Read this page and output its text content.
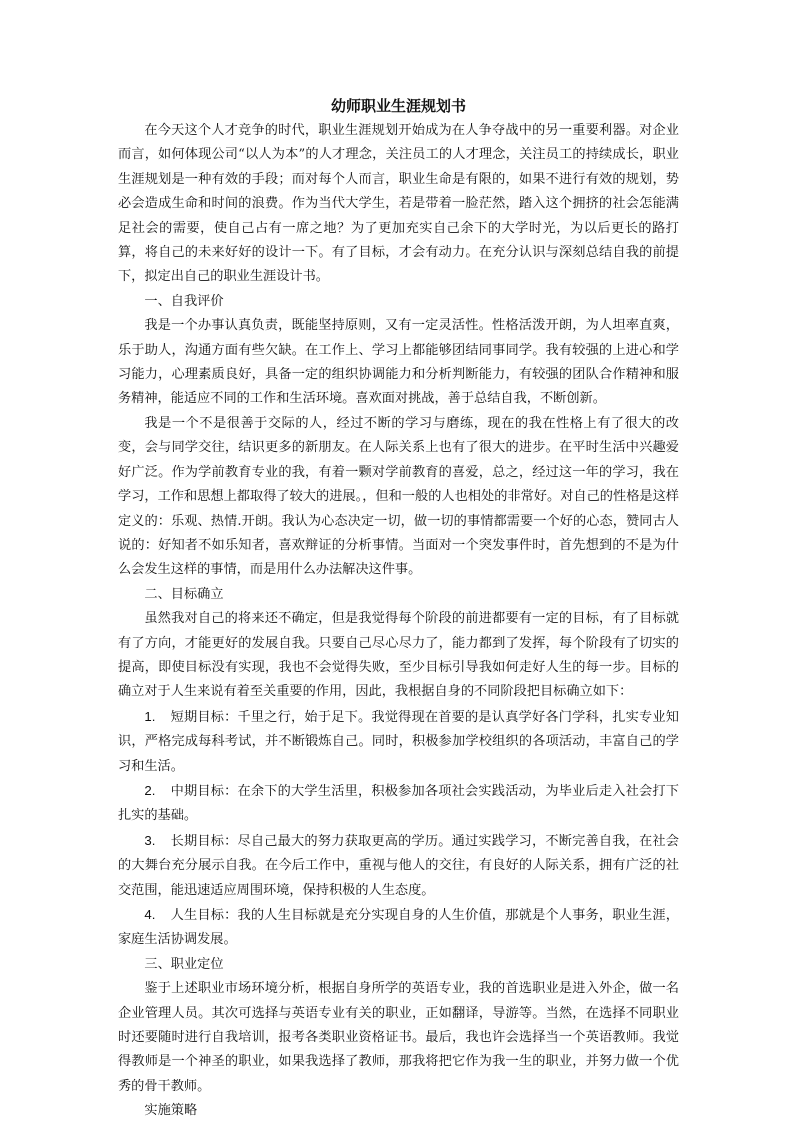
幼师职业生涯规划书

在今天这个人才竞争的时代，职业生涯规划开始成为在人争夺战中的另一重要利器。对企业而言，如何体现公司“以人为本”的人才理念，关注员工的人才理念，关注员工的持续成长，职业生涯规划是一种有效的手段；而对每个人而言，职业生命是有限的，如果不进行有效的规划，势必会造成生命和时间的浪费。作为当代大学生，若是带着一脸茫然，踏入这个拥挤的社会怎能满足社会的需要，使自己占有一席之地？为了更加充实自己余下的大学时光，为以后更长的路打算，将自己的未来好好的设计一下。有了目标，才会有动力。在充分认识与深刻总结自我的前提下，拟定出自己的职业生涯设计书。

一、自我评价

我是一个办事认真负责，既能坚持原则，又有一定灵活性。性格活泼开朗，为人坦率直爽，乐于助人，沟通方面有些欠缺。在工作上、学习上都能够团结同事同学。我有较强的上进心和学习能力，心理素质良好，具备一定的组织协调能力和分析判断能力，有较强的团队合作精神和服务精神，能适应不同的工作和生活环境。喜欢面对挑战，善于总结自我，不断创新。

我是一个不是很善于交际的人，经过不断的学习与磨练，现在的我在性格上有了很大的改变，会与同学交往，结识更多的新朋友。在人际关系上也有了很大的进步。在平时生活中兴趣爱好广泛。作为学前教育专业的我，有着一颗对学前教育的喜爱，总之，经过这一年的学习，我在学习，工作和思想上都取得了较大的进展。，但和一般的人也相处的非常好。对自己的性格是这样定义的：乐观、热情.开朗。我认为心态决定一切，做一切的事情都需要一个好的心态，赞同古人说的：好知者不如乐知者，喜欢辩证的分析事情。当面对一个突发事件时，首先想到的不是为什么会发生这样的事情，而是用什么办法解决这件事。

二、目标确立

虽然我对自己的将来还不确定，但是我觉得每个阶段的前进都要有一定的目标，有了目标就有了方向，才能更好的发展自我。只要自己尽心尽力了，能力都到了发挥，每个阶段有了切实的提高，即使目标没有实现，我也不会觉得失败，至少目标引导我如何走好人生的每一步。目标的确立对于人生来说有着至关重要的作用，因此，我根据自身的不同阶段把目标确立如下：

1. 短期目标：千里之行，始于足下。我觉得现在首要的是认真学好各门学科，扎实专业知识，严格完成每科考试，并不断锻炼自己。同时，积极参加学校组织的各项活动，丰富自己的学习和生活。

2. 中期目标：在余下的大学生活里，积极参加各项社会实践活动，为毕业后走入社会打下扎实的基础。

3. 长期目标：尽自己最大的努力获取更高的学历。通过实践学习，不断完善自我，在社会的大舞台充分展示自我。在今后工作中，重视与他人的交往，有良好的人际关系，拥有广泛的社交范围，能迅速适应周围环境，保持积极的人生态度。

4. 人生目标：我的人生目标就是充分实现自身的人生价值，那就是个人事务，职业生涯，家庭生活协调发展。

三、职业定位

鉴于上述职业市场环境分析，根据自身所学的英语专业，我的首选职业是进入外企，做一名企业管理人员。其次可选择与英语专业有关的职业，正如翻译，导游等。当然，在选择不同职业时还要随时进行自我培训，报考各类职业资格证书。最后，我也许会选择当一个英语教师。我觉得教师是一个神圣的职业，如果我选择了教师，那我将把它作为我一生的职业，并努力做一个优秀的骨干教师。

实施策略
